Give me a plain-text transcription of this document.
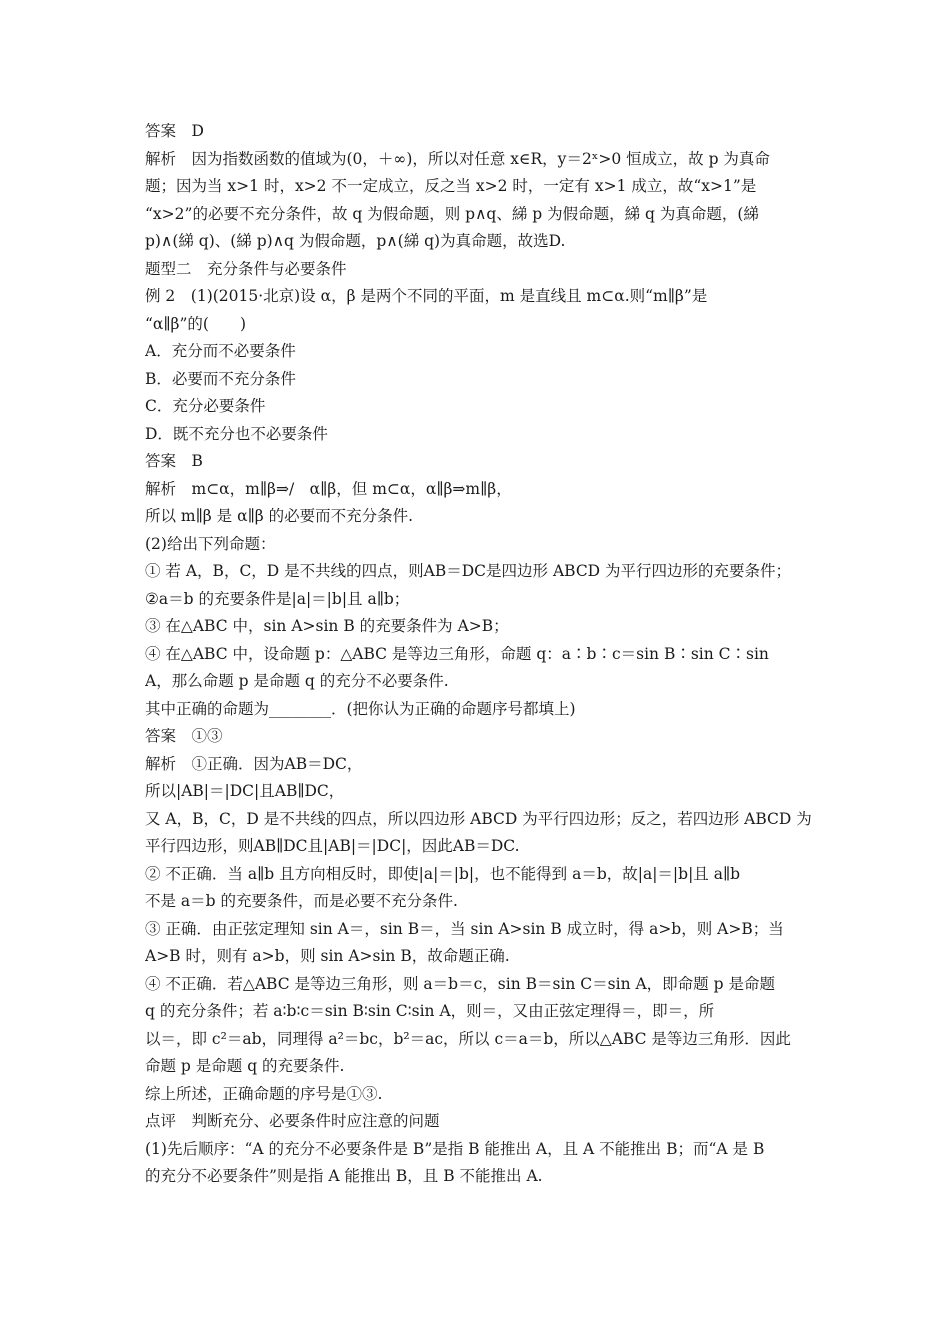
答案　D
解析　因为指数函数的值域为(0，＋∞)，所以对任意 x∈R，y＝2ˣ>0 恒成立，故 p 为真命
题；因为当 x>1 时，x>2 不一定成立，反之当 x>2 时，一定有 x>1 成立，故“x>1”是
“x>2”的必要不充分条件，故 q 为假命题，则 p∧q、綈 p 为假命题，綈 q 为真命题，(綈
p)∧(綈 q)、(綈 p)∧q 为假命题，p∧(綈 q)为真命题，故选D.
题型二　充分条件与必要条件
例 2　(1)(2015·北京)设 α，β 是两个不同的平面，m 是直线且 m⊂α.则“m∥β”是
“α∥β”的(　　)
A．充分而不必要条件
B．必要而不充分条件
C．充分必要条件
D．既不充分也不必要条件
答案　B
解析　m⊂α，m∥β⇒/　α∥β，但 m⊂α，α∥β⇒m∥β，
所以 m∥β 是 α∥β 的必要而不充分条件.
(2)给出下列命题：
① 若 A，B，C，D 是不共线的四点，则AB＝DC是四边形 ABCD 为平行四边形的充要条件；
②a＝b 的充要条件是|a|＝|b|且 a∥b；
③ 在△ABC 中，sin A>sin B 的充要条件为 A>B；
④ 在△ABC 中，设命题 p：△ABC 是等边三角形，命题 q：a∶b∶c＝sin B∶sin C∶sin
A，那么命题 p 是命题 q 的充分不必要条件.
其中正确的命题为________．(把你认为正确的命题序号都填上)
答案　①③
解析　①正确．因为AB＝DC，
所以|AB|＝|DC|且AB∥DC，
又 A，B，C，D 是不共线的四点，所以四边形 ABCD 为平行四边形；反之，若四边形 ABCD 为
平行四边形，则AB∥DC且|AB|＝|DC|，因此AB＝DC.
② 不正确．当 a∥b 且方向相反时，即使|a|＝|b|，也不能得到 a＝b，故|a|＝|b|且 a∥b
不是 a＝b 的充要条件，而是必要不充分条件.
③ 正确．由正弦定理知 sin A＝，sin B＝，当 sin A>sin B 成立时，得 a>b，则 A>B；当
A>B 时，则有 a>b，则 sin A>sin B，故命题正确.
④ 不正确．若△ABC 是等边三角形，则 a＝b＝c，sin B＝sin C＝sin A，即命题 p 是命题
q 的充分条件；若 a∶b∶c＝sin B∶sin C∶sin A，则＝，又由正弦定理得＝，即＝，所
以＝，即 c²＝ab，同理得 a²＝bc，b²＝ac，所以 c＝a＝b，所以△ABC 是等边三角形．因此
命题 p 是命题 q 的充要条件.
综上所述，正确命题的序号是①③.
点评　判断充分、必要条件时应注意的问题
(1)先后顺序：“A 的充分不必要条件是 B”是指 B 能推出 A，且 A 不能推出 B；而“A 是 B
的充分不必要条件”则是指 A 能推出 B，且 B 不能推出 A.
